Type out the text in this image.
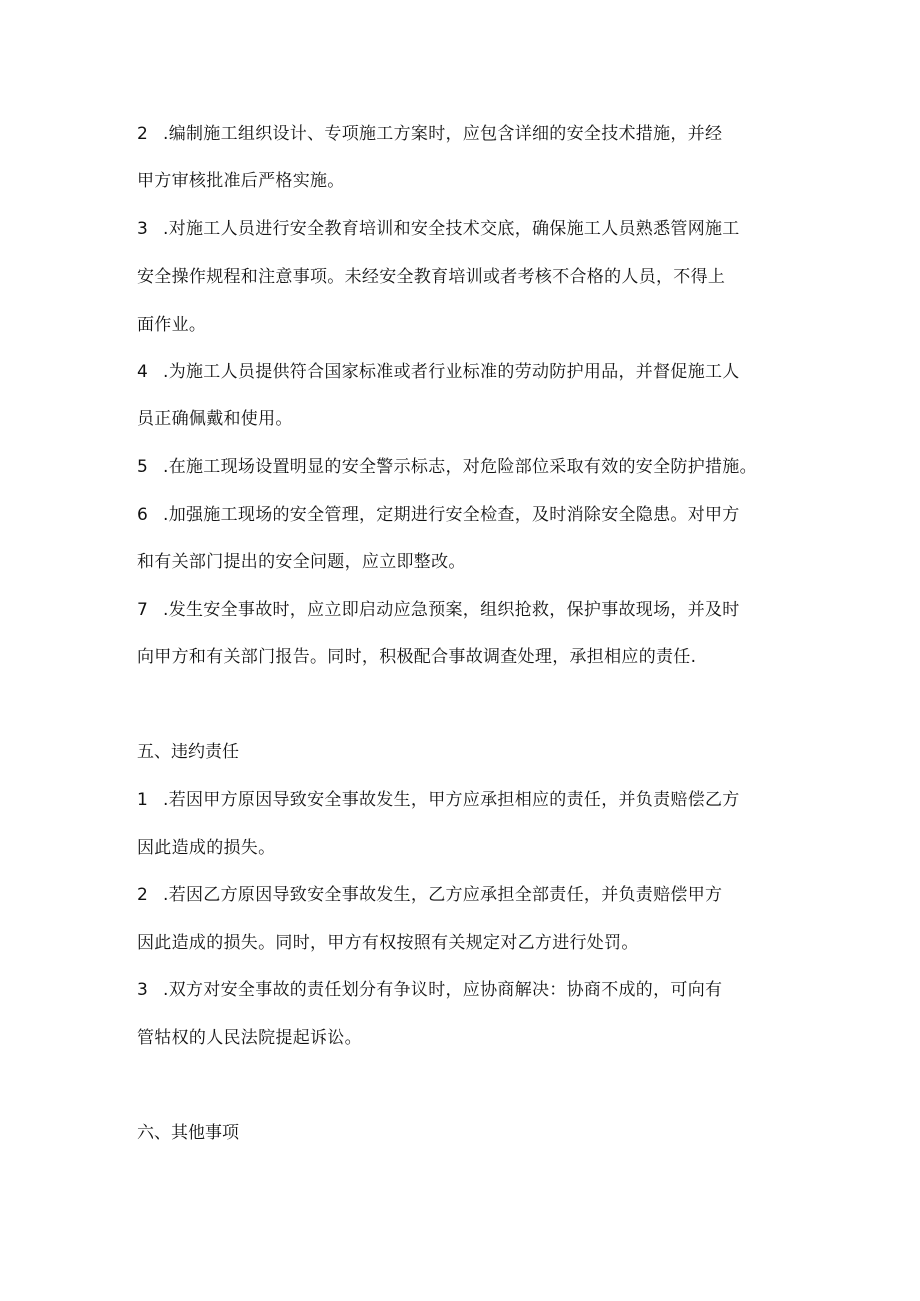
2 .编制施工组织设计、专项施工方案时，应包含详细的安全技术措施，并经
甲方审核批准后严格实施。
3 .对施工人员进行安全教育培训和安全技术交底，确保施工人员熟悉管网施工
安全操作规程和注意事项。未经安全教育培训或者考核不合格的人员，不得上
面作业。
4 .为施工人员提供符合国家标准或者行业标准的劳动防护用品，并督促施工人
员正确佩戴和使用。
5 .在施工现场设置明显的安全警示标志，对危险部位采取有效的安全防护措施。
6 .加强施工现场的安全管理，定期进行安全检查，及时消除安全隐患。对甲方
和有关部门提出的安全问题，应立即整改。
7 .发生安全事故时，应立即启动应急预案，组织抢救，保护事故现场，并及时
向甲方和有关部门报告。同时，积极配合事故调查处理，承担相应的责任.
五、违约责任
1 .若因甲方原因导致安全事故发生，甲方应承担相应的责任，并负责赔偿乙方
因此造成的损失。
2 .若因乙方原因导致安全事故发生，乙方应承担全部责任，并负责赔偿甲方
因此造成的损失。同时，甲方有权按照有关规定对乙方进行处罚。
3 .双方对安全事故的责任划分有争议时，应协商解决：协商不成的，可向有
管牯权的人民法院提起诉讼。
六、其他事项
